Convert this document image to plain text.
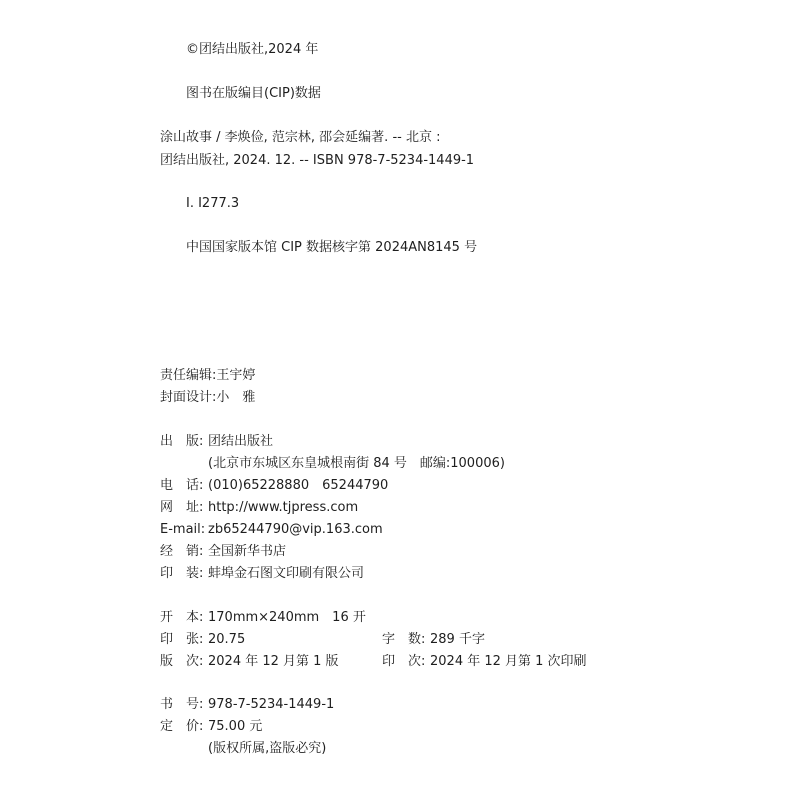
©团结出版社,2024 年
图书在版编目(CIP)数据
涂山故事 / 李焕俭, 范宗林, 邵会延编著. -- 北京 :
团结出版社, 2024. 12. -- ISBN 978-7-5234-1449-1
Ⅰ. I277.3
中国国家版本馆 CIP 数据核字第 2024AN8145 号
责任编辑:王宇婷
封面设计:小　雅
出　版: 团结出版社
(北京市东城区东皇城根南街 84 号　邮编:100006)
电　话: (010)65228880　65244790
网　址: http://www.tjpress.com
E-mail: zb65244790@vip.163.com
经　销: 全国新华书店
印　装: 蚌埠金石图文印刷有限公司
开　本: 170mm×240mm　16 开
印　张: 20.75	字　数: 289 千字
版　次: 2024 年 12 月第 1 版	印　次: 2024 年 12 月第 1 次印刷
书　号: 978-7-5234-1449-1
定　价: 75.00 元
(版权所属,盗版必究)
